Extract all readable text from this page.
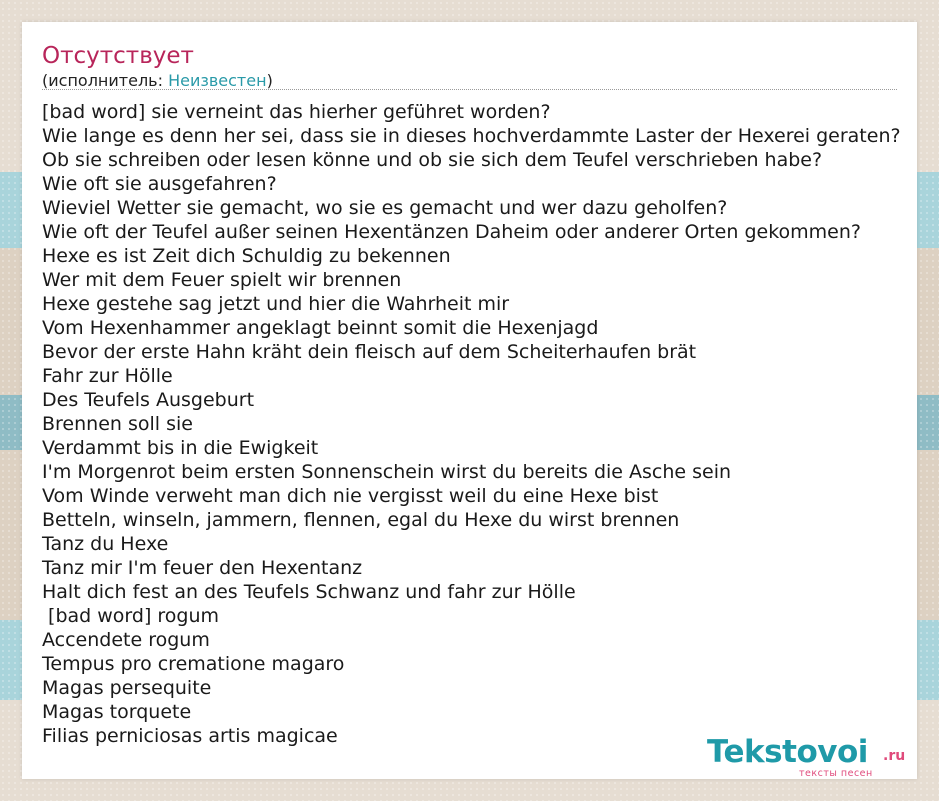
Отсутствует
(исполнитель: Неизвестен)
[bad word] sie verneint das hierher geführet worden?
Wie lange es denn her sei, dass sie in dieses hochverdammte Laster der Hexerei geraten?
Ob sie schreiben oder lesen könne und ob sie sich dem Teufel verschrieben habe?
Wie oft sie ausgefahren?
Wieviel Wetter sie gemacht, wo sie es gemacht und wer dazu geholfen?
Wie oft der Teufel außer seinen Hexentänzen Daheim oder anderer Orten gekommen?
Hexe es ist Zeit dich Schuldig zu bekennen
Wer mit dem Feuer spielt wir brennen
Hexe gestehe sag jetzt und hier die Wahrheit mir
Vom Hexenhammer angeklagt beinnt somit die Hexenjagd
Bevor der erste Hahn kräht dein fleisch auf dem Scheiterhaufen brät
Fahr zur Hölle
Des Teufels Ausgeburt
Brennen soll sie
Verdammt bis in die Ewigkeit
I'm Morgenrot beim ersten Sonnenschein wirst du bereits die Asche sein
Vom Winde verweht man dich nie vergisst weil du eine Hexe bist
Betteln, winseln, jammern, flennen, egal du Hexe du wirst brennen
Tanz du Hexe
Tanz mir I'm feuer den Hexentanz
Halt dich fest an des Teufels Schwanz und fahr zur Hölle
[bad word] rogum
Accendete rogum
Tempus pro crematione magaro
Magas persequite
Magas torquete
Filias perniciosas artis magicae	Tekstovoi .ru
тексты песен
